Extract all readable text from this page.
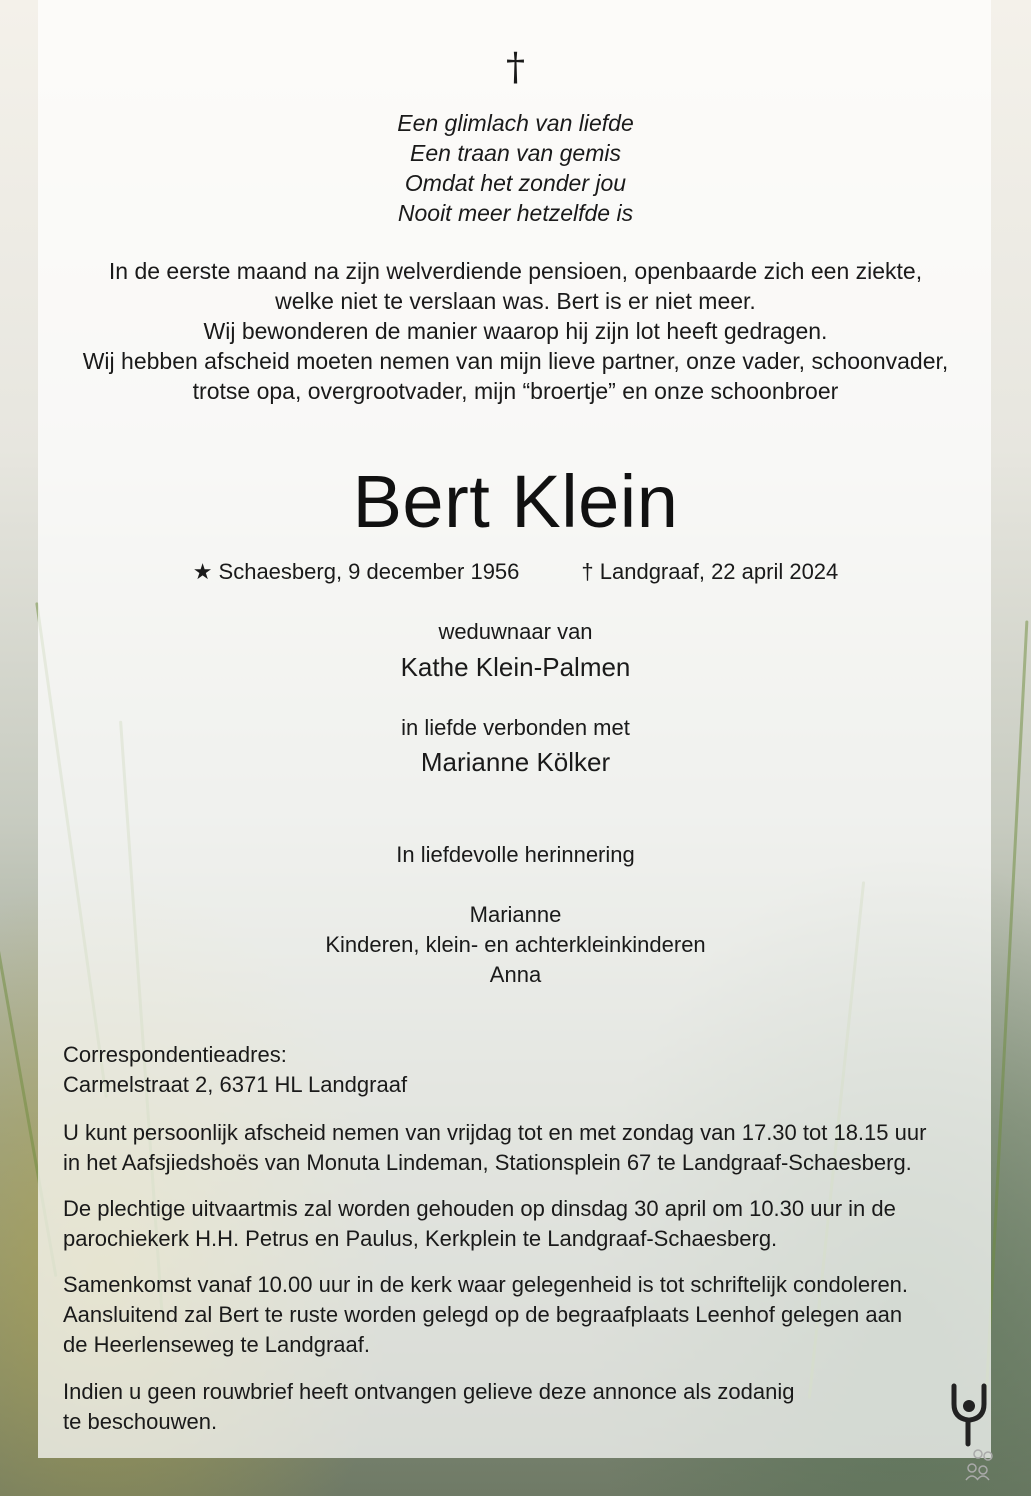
†
Een glimlach van liefde
Een traan van gemis
Omdat het zonder jou
Nooit meer hetzelfde is
In de eerste maand na zijn welverdiende pensioen, openbaarde zich een ziekte,
welke niet te verslaan was. Bert is er niet meer.
Wij bewonderen de manier waarop hij zijn lot heeft gedragen.
Wij hebben afscheid moeten nemen van mijn lieve partner, onze vader, schoonvader,
trotse opa, overgrootvader, mijn “broertje” en onze schoonbroer
Bert Klein
★ Schaesberg, 9 december 1956	† Landgraaf, 22 april 2024
weduwnaar van
Kathe Klein-Palmen
in liefde verbonden met
Marianne Kölker
In liefdevolle herinnering
Marianne
Kinderen, klein- en achterkleinkinderen
Anna
Correspondentieadres:
Carmelstraat 2, 6371 HL Landgraaf
U kunt persoonlijk afscheid nemen van vrijdag tot en met zondag van 17.30 tot 18.15 uur
in het Aafsjiedshoës van Monuta Lindeman, Stationsplein 67 te Landgraaf-Schaesberg.
De plechtige uitvaartmis zal worden gehouden op dinsdag 30 april om 10.30 uur in de
parochiekerk H.H. Petrus en Paulus, Kerkplein te Landgraaf-Schaesberg.
Samenkomst vanaf 10.00 uur in de kerk waar gelegenheid is tot schriftelijk condoleren.
Aansluitend zal Bert te ruste worden gelegd op de begraafplaats Leenhof gelegen aan
de Heerlenseweg te Landgraaf.
Indien u geen rouwbrief heeft ontvangen gelieve deze annonce als zodanig
te beschouwen.
